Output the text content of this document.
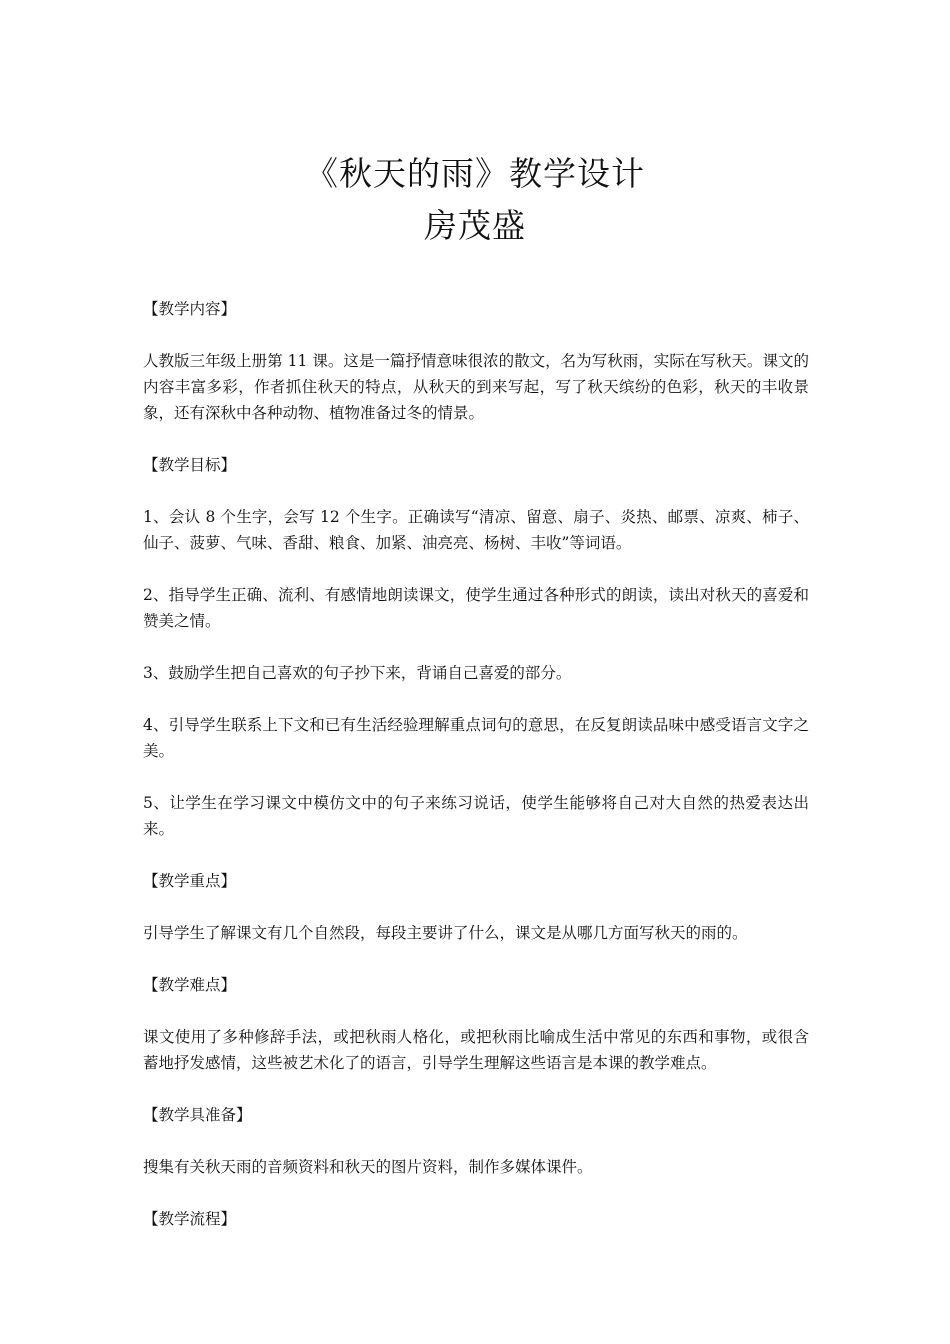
《秋天的雨》教学设计
房茂盛
【教学内容】

人教版三年级上册第 11 课。这是一篇抒情意味很浓的散文，名为写秋雨，实际在写秋天。课文的内容丰富多彩，作者抓住秋天的特点，从秋天的到来写起，写了秋天缤纷的色彩，秋天的丰收景象，还有深秋中各种动物、植物准备过冬的情景。

【教学目标】

1、会认 8 个生字，会写 12 个生字。正确读写“清凉、留意、扇子、炎热、邮票、凉爽、柿子、仙子、菠萝、气味、香甜、粮食、加紧、油亮亮、杨树、丰收”等词语。

2、指导学生正确、流利、有感情地朗读课文，使学生通过各种形式的朗读，读出对秋天的喜爱和赞美之情。

3、鼓励学生把自己喜欢的句子抄下来，背诵自己喜爱的部分。

4、引导学生联系上下文和已有生活经验理解重点词句的意思，在反复朗读品味中感受语言文字之美。

5、让学生在学习课文中模仿文中的句子来练习说话，使学生能够将自己对大自然的热爱表达出来。

【教学重点】

引导学生了解课文有几个自然段，每段主要讲了什么，课文是从哪几方面写秋天的雨的。

【教学难点】

课文使用了多种修辞手法，或把秋雨人格化，或把秋雨比喻成生活中常见的东西和事物，或很含蓄地抒发感情，这些被艺术化了的语言，引导学生理解这些语言是本课的教学难点。

【教学具准备】

搜集有关秋天雨的音频资料和秋天的图片资料，制作多媒体课件。

【教学流程】
